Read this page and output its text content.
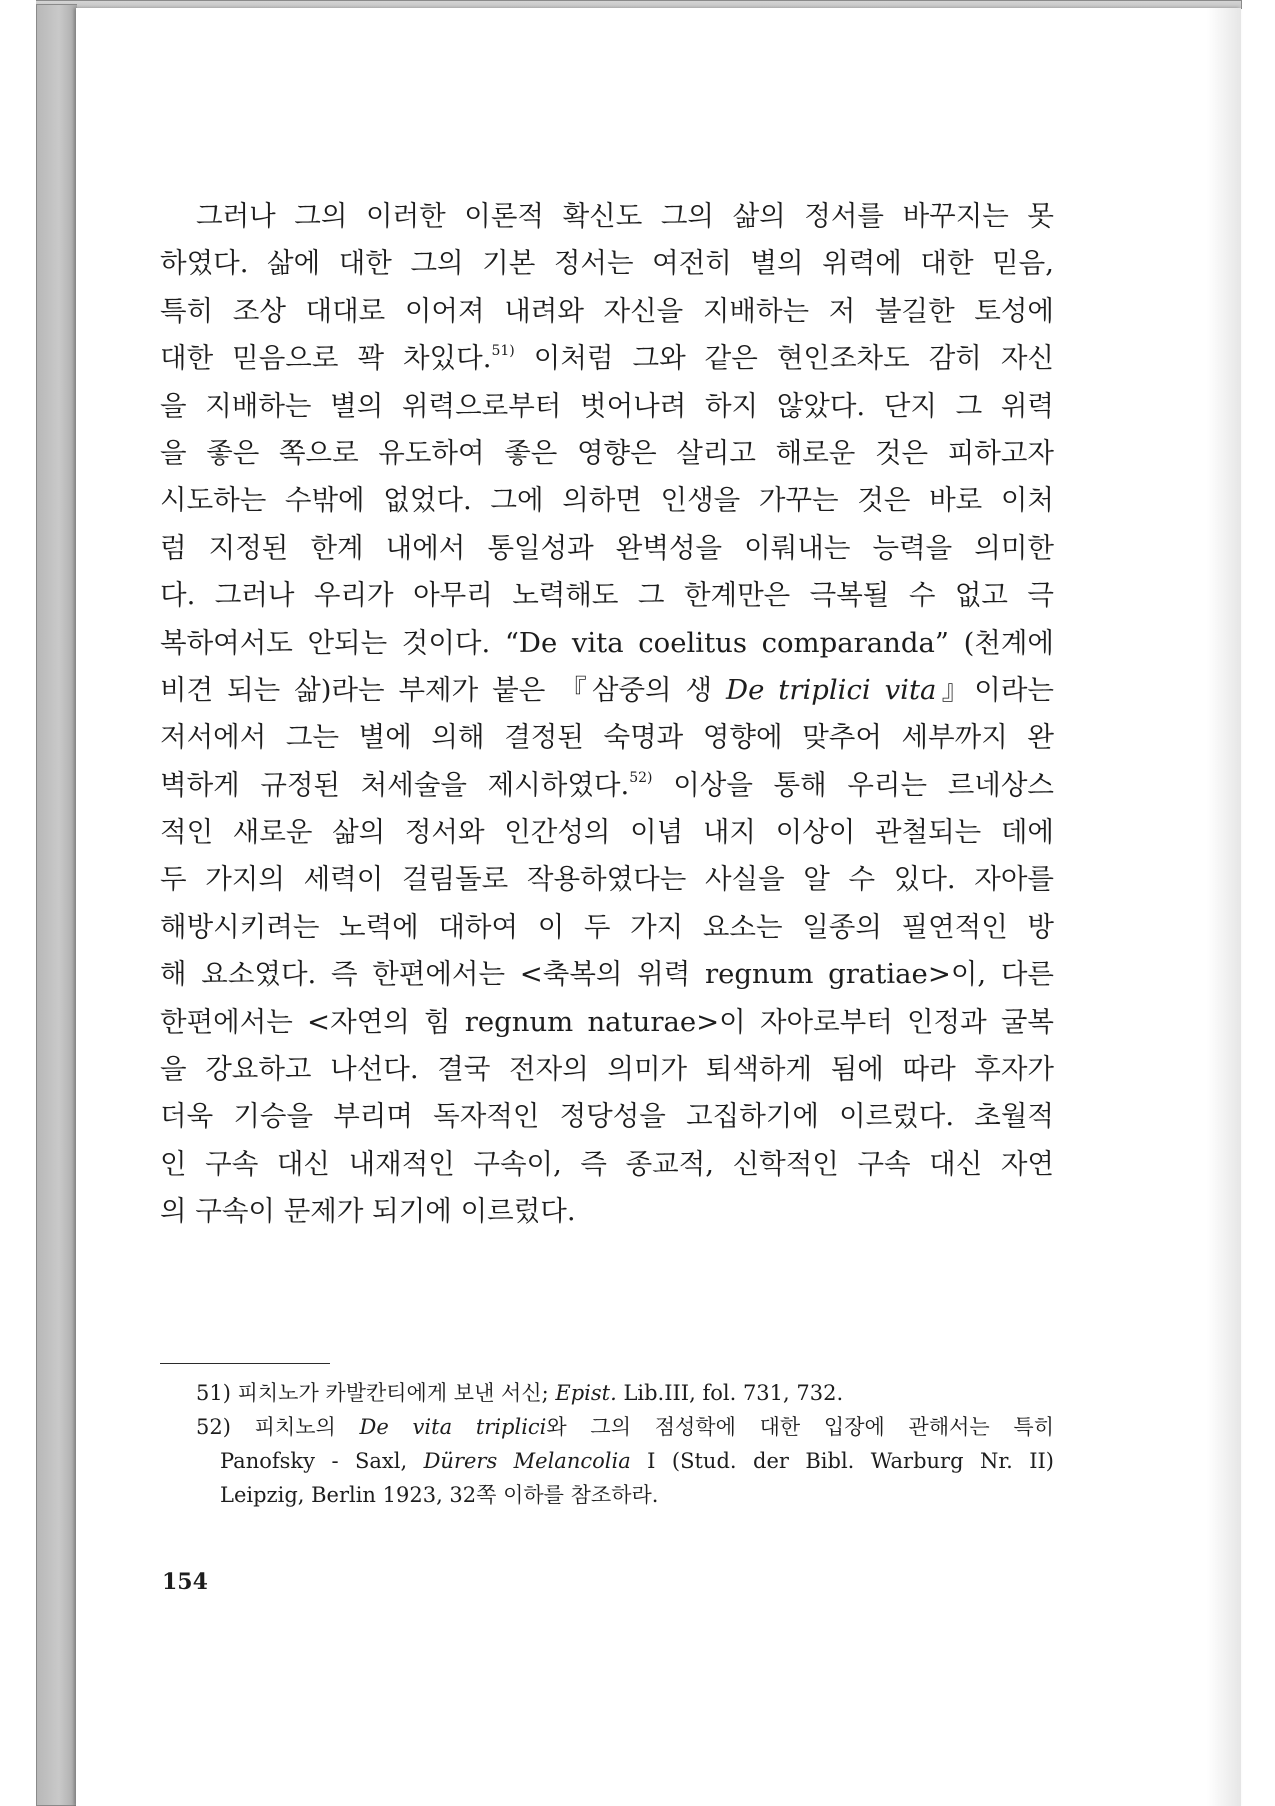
그러나 그의 이러한 이론적 확신도 그의 삶의 정서를 바꾸지는 못
하였다. 삶에 대한 그의 기본 정서는 여전히 별의 위력에 대한 믿음,
특히 조상 대대로 이어져 내려와 자신을 지배하는 저 불길한 토성에
대한 믿음으로 꽉 차있다.$^{51)}$ 이처럼 그와 같은 현인조차도 감히 자신
을 지배하는 별의 위력으로부터 벗어나려 하지 않았다. 단지 그 위력
을 좋은 쪽으로 유도하여 좋은 영향은 살리고 해로운 것은 피하고자
시도하는 수밖에 없었다. 그에 의하면 인생을 가꾸는 것은 바로 이처
럼 지정된 한계 내에서 통일성과 완벽성을 이뤄내는 능력을 의미한
다. 그러나 우리가 아무리 노력해도 그 한계만은 극복될 수 없고 극
복하여서도 안되는 것이다. “De vita coelitus comparanda” (천계에
비견 되는 삶)라는 부제가 붙은 『삼중의 생 De triplici vita』이라는
저서에서 그는 별에 의해 결정된 숙명과 영향에 맞추어 세부까지 완
벽하게 규정된 처세술을 제시하였다.$^{52)}$ 이상을 통해 우리는 르네상스
적인 새로운 삶의 정서와 인간성의 이념 내지 이상이 관철되는 데에
두 가지의 세력이 걸림돌로 작용하였다는 사실을 알 수 있다. 자아를
해방시키려는 노력에 대하여 이 두 가지 요소는 일종의 필연적인 방
해 요소였다. 즉 한편에서는 <축복의 위력 regnum gratiae>이, 다른
한편에서는 <자연의 힘 regnum naturae>이 자아로부터 인정과 굴복
을 강요하고 나선다. 결국 전자의 의미가 퇴색하게 됨에 따라 후자가
더욱 기승을 부리며 독자적인 정당성을 고집하기에 이르렀다. 초월적
인 구속 대신 내재적인 구속이, 즉 종교적, 신학적인 구속 대신 자연
의 구속이 문제가 되기에 이르렀다.
51) 피치노가 카발칸티에게 보낸 서신; Epist. Lib.III, fol. 731, 732.
52) 피치노의 De vita triplici와 그의 점성학에 대한 입장에 관해서는 특히
Panofsky - Saxl, Dürers Melancolia I (Stud. der Bibl. Warburg Nr. II)
Leipzig, Berlin 1923, 32쪽 이하를 참조하라.
154
